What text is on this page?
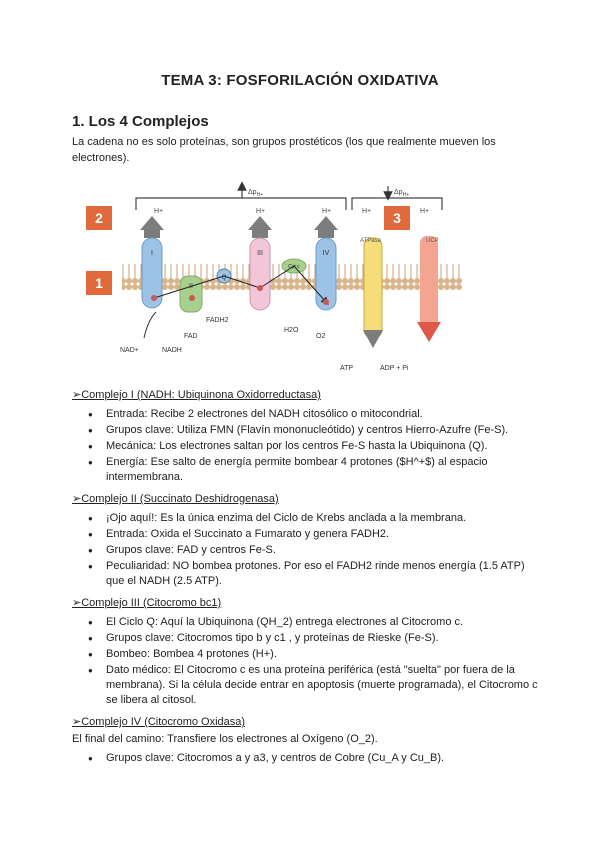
TEMA 3: FOSFORILACIÓN OXIDATIVA
1. Los 4 Complejos
La cadena no es solo proteínas, son grupos prostéticos (los que realmente mueven los electrones).
$\Delta p_{H+}$	$\Delta p_{H+}$
2
1
3
H+	H+	H+	H+	H+
I
II
III	IV
Q
Cyt c
ATPasa	UCP
NAD+	NADH
FADH2
FAD
H2O
O2
ATP	ADP + Pi
➢Complejo I (NADH: Ubiquinona Oxidorreductasa)
● Entrada: Recibe 2 electrones del NADH citosólico o mitocondrial.
● Grupos clave: Utiliza FMN (Flavín mononucleótido) y centros Hierro-Azufre (Fe-S).
● Mecánica: Los electrones saltan por los centros Fe-S hasta la Ubiquinona (Q).
● Energía: Ese salto de energía permite bombear 4 protones ($H^+$) al espacio intermembrana.
➢Complejo II (Succinato Deshidrogenasa)
● ¡Ojo aquí!: Es la única enzima del Ciclo de Krebs anclada a la membrana.
● Entrada: Oxida el Succinato a Fumarato y genera FADH2.
● Grupos clave: FAD y centros Fe-S.
● Peculiaridad: NO bombea protones. Por eso el FADH2 rinde menos energía (1.5 ATP) que el NADH (2.5 ATP).
➢Complejo III (Citocromo bc1)
● El Ciclo Q: Aquí la Ubiquinona (QH_2) entrega electrones al Citocromo c.
● Grupos clave: Citocromos tipo b y c1 , y proteínas de Rieske (Fe-S).
● Bombeo: Bombea 4 protones (H+).
● Dato médico: El Citocromo c es una proteína periférica (está "suelta" por fuera de la membrana). Si la célula decide entrar en apoptosis (muerte programada), el Citocromo c se libera al citosol.
➢Complejo IV (Citocromo Oxidasa)
El final del camino: Transfiere los electrones al Oxígeno (O_2).
● Grupos clave: Citocromos a y a3, y centros de Cobre (Cu_A y Cu_B).
